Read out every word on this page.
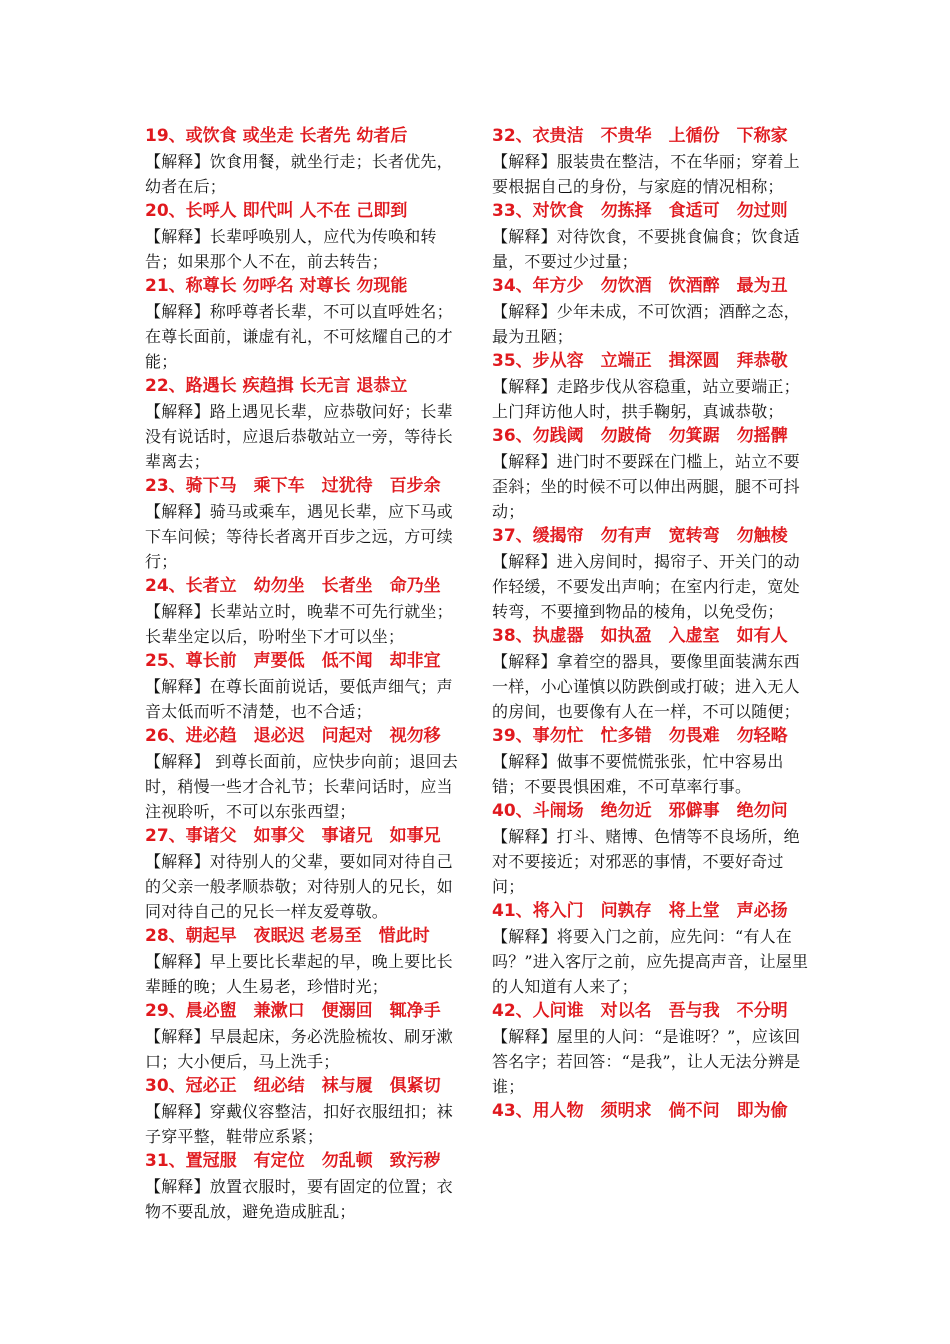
19、或饮食 或坐走 长者先 幼者后
【解释】饮食用餐，就坐行走；长者优先，幼者在后；
20、长呼人 即代叫 人不在 己即到
【解释】长辈呼唤别人，应代为传唤和转告；如果那个人不在，前去转告；
21、称尊长 勿呼名 对尊长 勿现能
【解释】称呼尊者长辈，不可以直呼姓名；在尊长面前，谦虚有礼，不可炫耀自己的才能；
22、路遇长 疾趋揖 长无言 退恭立
【解释】路上遇见长辈，应恭敬问好；长辈没有说话时，应退后恭敬站立一旁，等待长辈离去；
23、骑下马　乘下车　过犹待　百步余
【解释】骑马或乘车，遇见长辈，应下马或下车问候；等待长者离开百步之远，方可续行；
24、长者立　幼勿坐　长者坐　命乃坐
【解释】长辈站立时，晚辈不可先行就坐；长辈坐定以后，吩咐坐下才可以坐；
25、尊长前　声要低　低不闻　却非宜
【解释】在尊长面前说话，要低声细气；声音太低而听不清楚，也不合适；
26、进必趋　退必迟　问起对　视勿移
【解释】 到尊长面前，应快步向前；退回去时，稍慢一些才合礼节；长辈问话时，应当注视聆听，不可以东张西望；
27、事诸父　如事父　事诸兄　如事兄
【解释】对待别人的父辈，要如同对待自己的父亲一般孝顺恭敬；对待别人的兄长，如同对待自己的兄长一样友爱尊敬。
28、朝起早　夜眠迟 老易至　惜此时
【解释】早上要比长辈起的早，晚上要比长辈睡的晚；人生易老，珍惜时光；
29、晨必盥　兼漱口　便溺回　辄净手
【解释】早晨起床，务必洗脸梳妆、刷牙漱口；大小便后，马上洗手；
30、冠必正　纽必结　袜与履　俱紧切
【解释】穿戴仪容整洁，扣好衣服纽扣；袜子穿平整，鞋带应系紧；
31、置冠服　有定位　勿乱顿　致污秽
【解释】放置衣服时，要有固定的位置；衣物不要乱放，避免造成脏乱；
32、衣贵洁　不贵华　上循份　下称家
【解释】服装贵在整洁，不在华丽；穿着上要根据自己的身份，与家庭的情况相称；
33、对饮食　勿拣择　食适可　勿过则
【解释】对待饮食，不要挑食偏食；饮食适量，不要过少过量；
34、年方少　勿饮酒　饮酒醉　最为丑
【解释】少年未成，不可饮酒；酒醉之态，最为丑陋；
35、步从容　立端正　揖深圆　拜恭敬
【解释】走路步伐从容稳重，站立要端正；上门拜访他人时，拱手鞠躬，真诚恭敬；
36、勿践阈　勿跛倚　勿箕踞　勿摇髀
【解释】进门时不要踩在门槛上，站立不要歪斜；坐的时候不可以伸出两腿，腿不可抖动；
37、缓揭帘　勿有声　宽转弯　勿触棱
【解释】进入房间时，揭帘子、开关门的动作轻缓，不要发出声响；在室内行走，宽处转弯，不要撞到物品的棱角，以免受伤；
38、执虚器　如执盈　入虚室　如有人
【解释】拿着空的器具，要像里面装满东西一样，小心谨慎以防跌倒或打破；进入无人的房间，也要像有人在一样，不可以随便；
39、事勿忙　忙多错　勿畏难　勿轻略
【解释】做事不要慌慌张张，忙中容易出错；不要畏惧困难，不可草率行事。
40、斗闹场　绝勿近　邪僻事　绝勿问
【解释】打斗、赌博、色情等不良场所，绝对不要接近；对邪恶的事情，不要好奇过问；
41、将入门　问孰存　将上堂　声必扬
【解释】将要入门之前，应先问：“有人在吗？”进入客厅之前，应先提高声音，让屋里的人知道有人来了；
42、人问谁　对以名　吾与我　不分明
【解释】屋里的人问：“是谁呀？”，应该回答名字；若回答：“是我”，让人无法分辨是谁；
43、用人物　须明求　倘不问　即为偷
